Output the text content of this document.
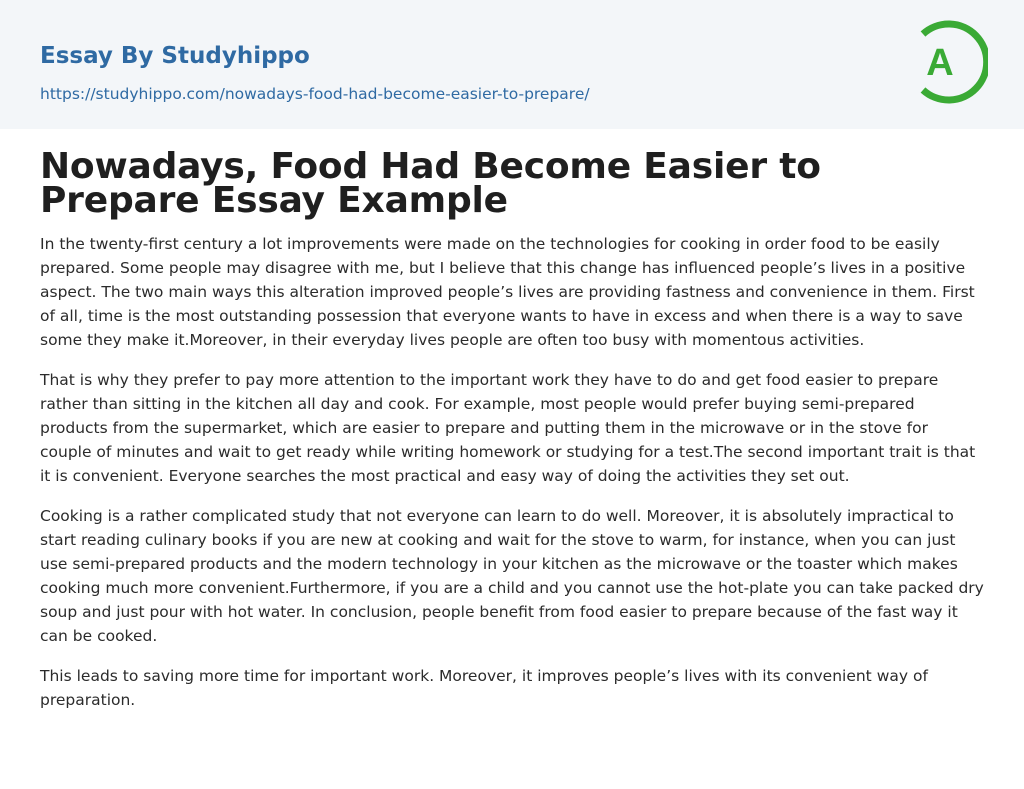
Essay By Studyhippo
https://studyhippo.com/nowadays-food-had-become-easier-to-prepare/
A
Nowadays, Food Had Become Easier to Prepare Essay Example

In the twenty-first century a lot improvements were made on the technologies for cooking in order food to be easily prepared. Some people may disagree with me, but I believe that this change has influenced people’s lives in a positive aspect. The two main ways this alteration improved people’s lives are providing fastness and convenience in them. First of all, time is the most outstanding possession that everyone wants to have in excess and when there is a way to save some they make it.Moreover, in their everyday lives people are often too busy with momentous activities.

That is why they prefer to pay more attention to the important work they have to do and get food easier to prepare rather than sitting in the kitchen all day and cook. For example, most people would prefer buying semi-prepared products from the supermarket, which are easier to prepare and putting them in the microwave or in the stove for couple of minutes and wait to get ready while writing homework or studying for a test.The second important trait is that it is convenient. Everyone searches the most practical and easy way of doing the activities they set out.

Cooking is a rather complicated study that not everyone can learn to do well. Moreover, it is absolutely impractical to start reading culinary books if you are new at cooking and wait for the stove to warm, for instance, when you can just use semi-prepared products and the modern technology in your kitchen as the microwave or the toaster which makes cooking much more convenient.Furthermore, if you are a child and you cannot use the hot-plate you can take packed dry soup and just pour with hot water. In conclusion, people benefit from food easier to prepare because of the fast way it can be cooked.

This leads to saving more time for important work. Moreover, it improves people’s lives with its convenient way of preparation.
